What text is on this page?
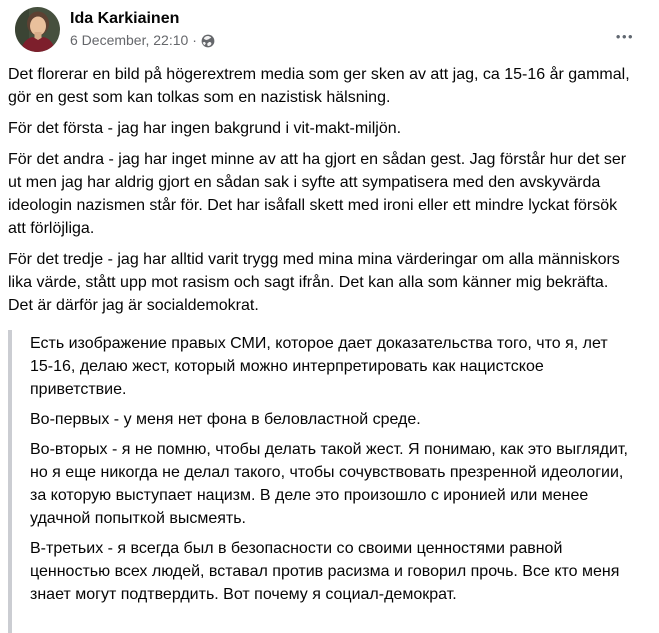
Ida Karkiainen
6 December, 22:10 ·	•••

Det florerar en bild på högerextrem media som ger sken av att jag, ca 15-16 år gammal, gör en gest som kan tolkas som en nazistisk hälsning.

För det första - jag har ingen bakgrund i vit-makt-miljön.

För det andra - jag har inget minne av att ha gjort en sådan gest. Jag förstår hur det ser ut men jag har aldrig gjort en sådan sak i syfte att sympatisera med den avskyvärda ideologin nazismen står för. Det har isåfall skett med ironi eller ett mindre lyckat försök att förlöjliga.

För det tredje - jag har alltid varit trygg med mina mina värderingar om alla människors lika värde, stått upp mot rasism och sagt ifrån. Det kan alla som känner mig bekräfta. Det är därför jag är socialdemokrat.

Есть изображение правых СМИ, которое дает доказательства того, что я, лет 15-16, делаю жест, который можно интерпретировать как нацистское приветствие.

Во-первых - у меня нет фона в беловластной среде.

Во-вторых - я не помню, чтобы делать такой жест. Я понимаю, как это выглядит, но я еще никогда не делал такого, чтобы сочувствовать презренной идеологии, за которую выступает нацизм. В деле это произошло с иронией или менее удачной попыткой высмеять.

В-третьих - я всегда был в безопасности со своими ценностями равной ценностью всех людей, вставал против расизма и говорил прочь. Все кто меня знает могут подтвердить. Вот почему я социал-демократ.
